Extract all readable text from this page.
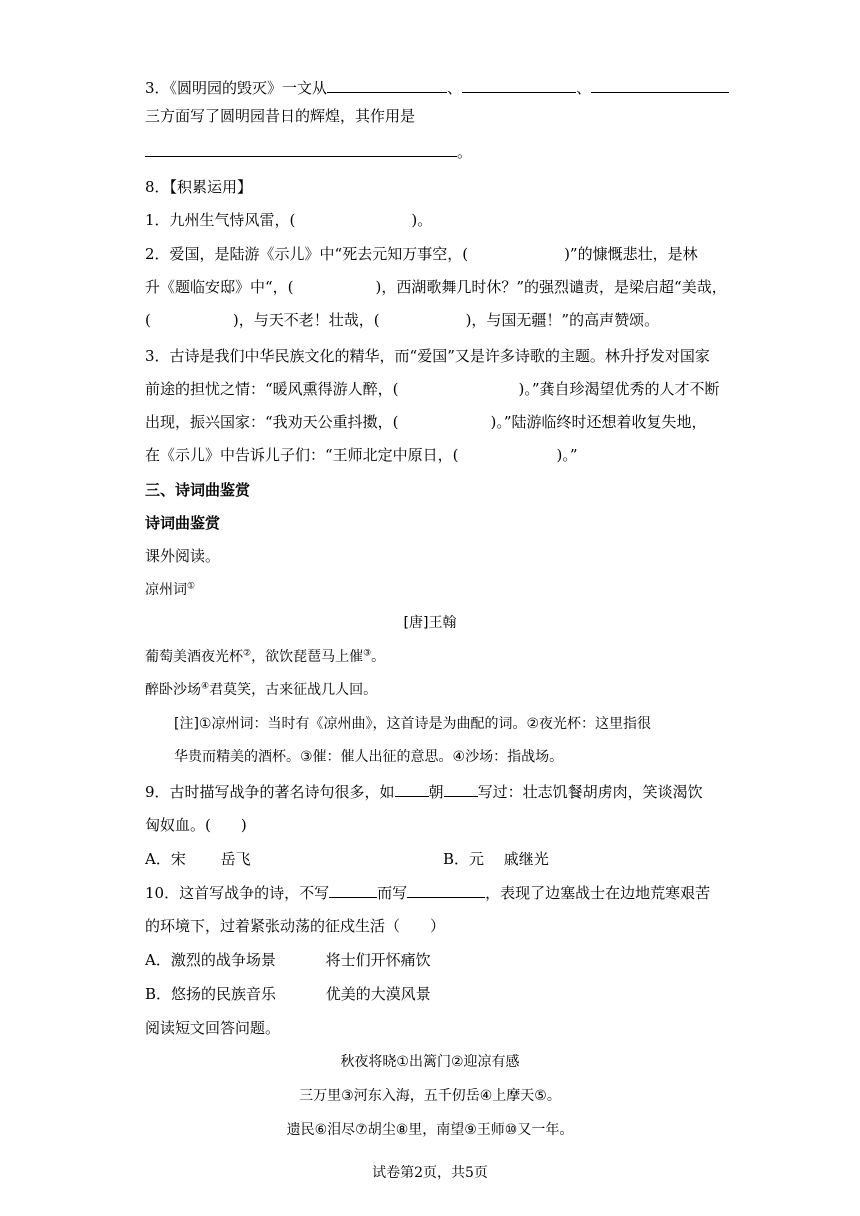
3．《圆明园的毁灭》一文从	、	、
三方面写了圆明园昔日的辉煌，其作用是
。
8．【积累运用】
1．九州生气恃风雷，(	)。
2．爱国，是陆游《示儿》中“死去元知万事空，(	)”的慷慨悲壮，是林
升《题临安邸》中“，(	)，西湖歌舞几时休？”的强烈谴责，是梁启超“美哉，
(	)，与天不老！壮哉，(	)，与国无疆！”的高声赞颂。
3．古诗是我们中华民族文化的精华，而“爱国”又是许多诗歌的主题。林升抒发对国家
前途的担忧之情：“暖风熏得游人醉，(	)。”龚自珍渴望优秀的人才不断
出现，振兴国家：“我劝天公重抖擞，(	)。”陆游临终时还想着收复失地，
在《示儿》中告诉儿子们：“王师北定中原日，(	)。”
三、诗词曲鉴赏
诗词曲鉴赏
课外阅读。
凉州词①
[唐]王翰
葡萄美酒夜光杯②，欲饮琵琶马上催③。
醉卧沙场④君莫笑，古来征战几人回。
[注]①凉州词：当时有《凉州曲》，这首诗是为曲配的词。②夜光杯：这里指很
华贵而精美的酒杯。③催：催人出征的意思。④沙场：指战场。
9．古时描写战争的著名诗句很多，如 朝 写过：壮志饥餐胡虏肉，笑谈渴饮
匈奴血。(　　)
A．宋　　 岳飞	B．元　 戚继光
10．这首写战争的诗，不写	而写	，表现了边塞战士在边地荒寒艰苦
的环境下，过着紧张动荡的征戍生活（　　）
A．激烈的战争场景　　　 将士们开怀痛饮
B．悠扬的民族音乐　　　 优美的大漠风景
阅读短文回答问题。
秋夜将晓①出篱门②迎凉有感
三万里③河东入海，五千仞岳④上摩天⑤。
遗民⑥泪尽⑦胡尘⑧里，南望⑨王师⑩又一年。
试卷第2页，共5页
